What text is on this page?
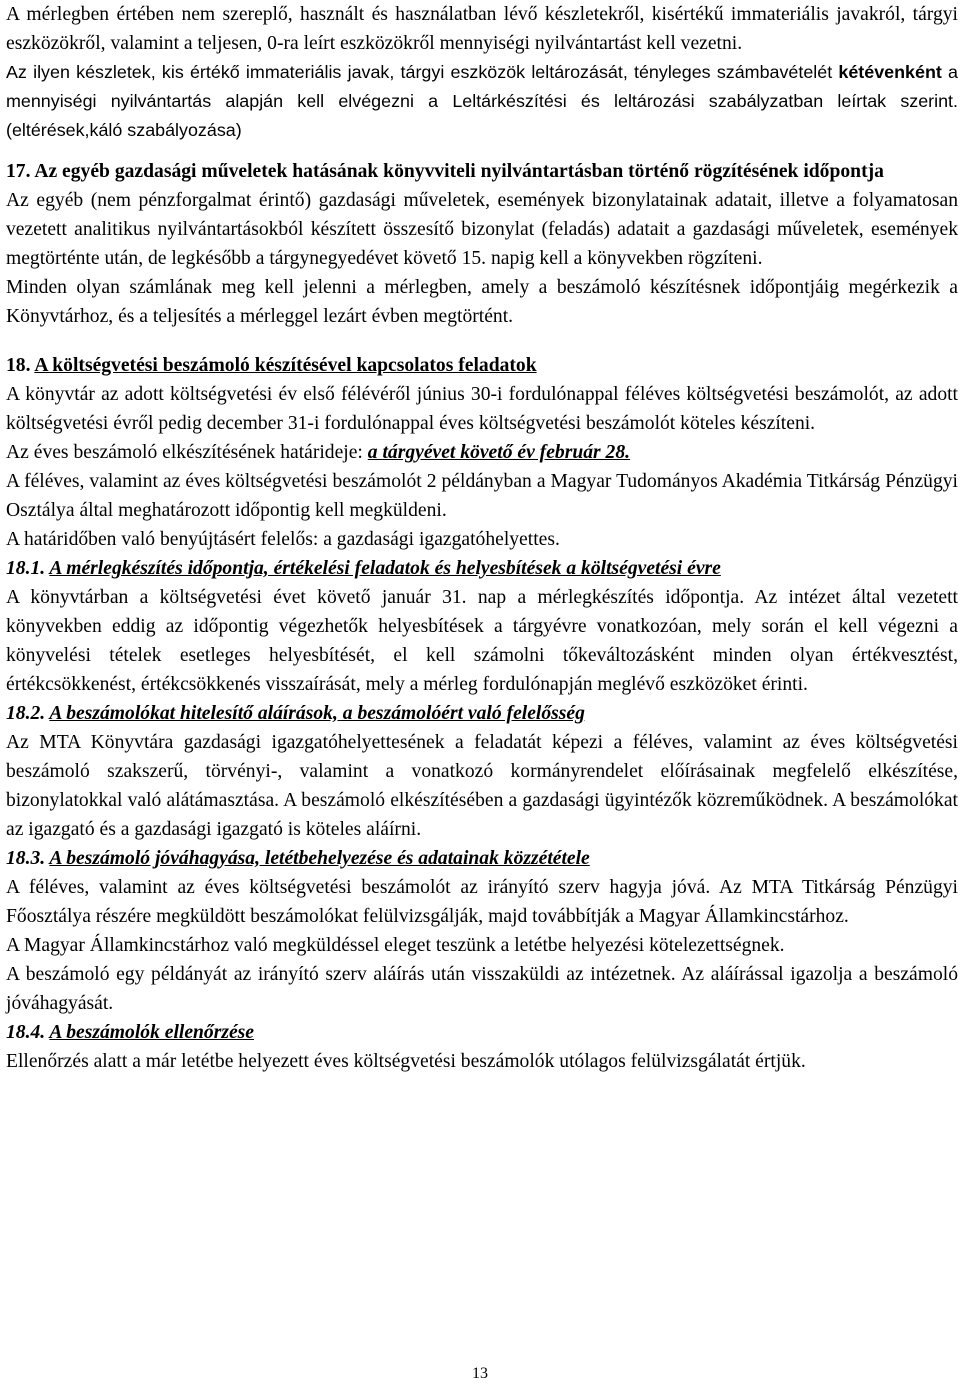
A mérlegben értében nem szereplő, használt és használatban lévő készletekről, kisértékű immateriális javakról, tárgyi eszközökről, valamint a teljesen, 0-ra leírt eszközökről mennyiségi nyilvántartást kell vezetni.

Az ilyen készletek, kis értékő immateriális javak, tárgyi eszközök leltározását, tényleges számbavételét kétévenként a mennyiségi nyilvántartás alapján kell elvégezni a Leltárkészítési és leltározási szabályzatban leírtak szerint.(eltérések,káló szabályozása)

17. Az egyéb gazdasági műveletek hatásának könyvviteli nyilvántartásban történő rögzítésének időpontja

Az egyéb (nem pénzforgalmat érintő) gazdasági műveletek, események bizonylatainak adatait, illetve a folyamatosan vezetett analitikus nyilvántartásokból készített összesítő bizonylat (feladás) adatait a gazdasági műveletek, események megtörténte után, de legkésőbb a tárgynegyedévet követő 15. napig kell a könyvekben rögzíteni.

Minden olyan számlának meg kell jelenni a mérlegben, amely a beszámoló készítésnek időpontjáig megérkezik a Könyvtárhoz, és a teljesítés a mérleggel lezárt évben megtörtént.

18. A költségvetési beszámoló készítésével kapcsolatos feladatok

A könyvtár az adott költségvetési év első félévéről június 30-i fordulónappal féléves költségvetési beszámolót, az adott költségvetési évről pedig december 31-i fordulónappal éves költségvetési beszámolót köteles készíteni.

Az éves beszámoló elkészítésének határideje: a tárgyévet követő év február 28.

A féléves, valamint az éves költségvetési beszámolót 2 példányban a Magyar Tudományos Akadémia Titkárság Pénzügyi Osztálya által meghatározott időpontig kell megküldeni.

A határidőben való benyújtásért felelős: a gazdasági igazgatóhelyettes.

18.1. A mérlegkészítés időpontja, értékelési feladatok és helyesbítések a költségvetési évre

A könyvtárban a költségvetési évet követő január 31. nap a mérlegkészítés időpontja. Az intézet által vezetett könyvekben eddig az időpontig végezhetők helyesbítések a tárgyévre vonatkozóan, mely során el kell végezni a könyvelési tételek esetleges helyesbítését, el kell számolni tőkeváltozásként minden olyan értékvesztést, értékcsökkenést, értékcsökkenés visszaírását, mely a mérleg fordulónapján meglévő eszközöket érinti.

18.2. A beszámolókat hitelesítő aláírások, a beszámolóért való felelősség

Az MTA Könyvtára gazdasági igazgatóhelyettesének a feladatát képezi a féléves, valamint az éves költségvetési beszámoló szakszerű, törvényi-, valamint a vonatkozó kormányrendelet előírásainak megfelelő elkészítése, bizonylatokkal való alátámasztása. A beszámoló elkészítésében a gazdasági ügyintézők közreműködnek. A beszámolókat az igazgató és a gazdasági igazgató is köteles aláírni.

18.3. A beszámoló jóváhagyása, letétbehelyezése és adatainak közzététele

A féléves, valamint az éves költségvetési beszámolót az irányító szerv hagyja jóvá. Az MTA Titkárság Pénzügyi Főosztálya részére megküldött beszámolókat felülvizsgálják, majd továbbítják a Magyar Államkincstárhoz.

A Magyar Államkincstárhoz való megküldéssel eleget teszünk a letétbe helyezési kötelezettségnek.

A beszámoló egy példányát az irányító szerv aláírás után visszaküldi az intézetnek. Az aláírással igazolja a beszámoló jóváhagyását.

18.4. A beszámolók ellenőrzése

Ellenőrzés alatt a már letétbe helyezett éves költségvetési beszámolók utólagos felülvizsgálatát értjük.

13
